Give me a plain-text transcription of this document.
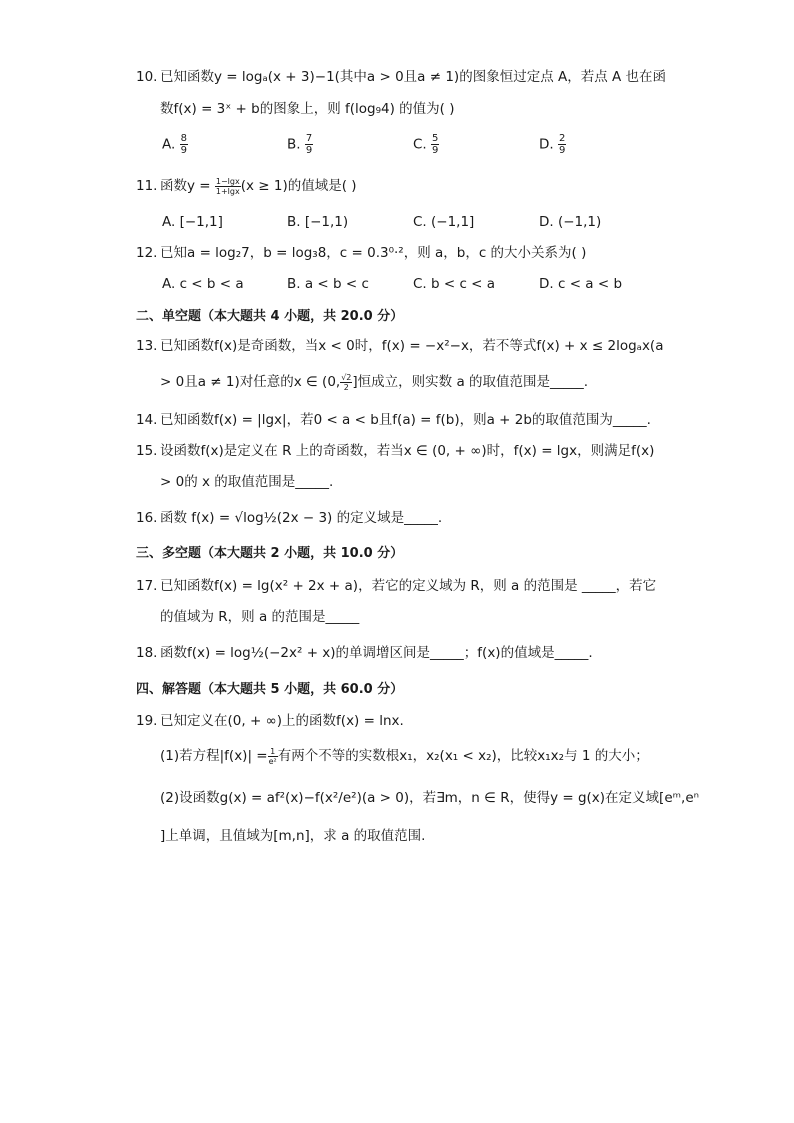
10. 已知函数y = logₐ(x + 3)−1(其中a > 0且a ≠ 1)的图象恒过定点 A，若点 A 也在函
数f(x) = 3ˣ + b的图象上，则 f(log₉4) 的值为( )
A. $\frac{8}{9}$	B. $\frac{7}{9}$	C. $\frac{5}{9}$	D. $\frac{2}{9}$
11. 函数$y = \frac{1-\lg x}{1+\lg x} (x \ge 1)$的值域是( )
A. [−1,1]	B. [−1,1)	C. (−1,1]	D. (−1,1)
12. 已知a = log₂7，b = log₃8，c = 0.3⁰·²，则 a，b，c 的大小关系为( )
A. c < b < a	B. a < b < c	C. b < c < a	D. c < a < b
二、单空题（本大题共 4 小题，共 20.0 分）
13. 已知函数f(x)是奇函数，当x < 0时，f(x) = −x²−x，若不等式f(x) + x ≤ 2logₐx(a
> 0且a ≠ 1)对任意的x ∈ (0, $\frac{√2}{2}$ ]恒成立，则实数 a 的取值范围是_____.
14. 已知函数f(x) = |lgx|，若0 < a < b且f(a) = f(b)，则a + 2b的取值范围为_____.
15. 设函数f(x)是定义在 R 上的奇函数，若当x ∈ (0, + ∞)时，f(x) = lgx，则满足f(x)
> 0的 x 的取值范围是_____.
16. 函数 f(x) = √log½(2x − 3) 的定义域是_____.
三、多空题（本大题共 2 小题，共 10.0 分）
17. 已知函数f(x) = lg(x² + 2x + a)，若它的定义域为 R，则 a 的范围是 _____，若它
的值域为 R，则 a 的范围是_____
18. 函数f(x) = log½(−2x² + x)的单调增区间是_____；f(x)的值域是_____.
四、解答题（本大题共 5 小题，共 60.0 分）
19. 已知定义在(0, + ∞)上的函数f(x) = lnx.
(1)若方程$|f(x)| = \frac{1}{\text{e²}}$ 有两个不等的实数根x₁，x₂(x₁ < x₂)，比较x₁x₂与 1 的大小；
(2)设函数g(x) = af²(x)−f(x²/e²)(a > 0)，若∃m，n ∈ R，使得y = g(x)在定义域[eᵐ,eⁿ
]上单调，且值域为[m,n]，求 a 的取值范围.
